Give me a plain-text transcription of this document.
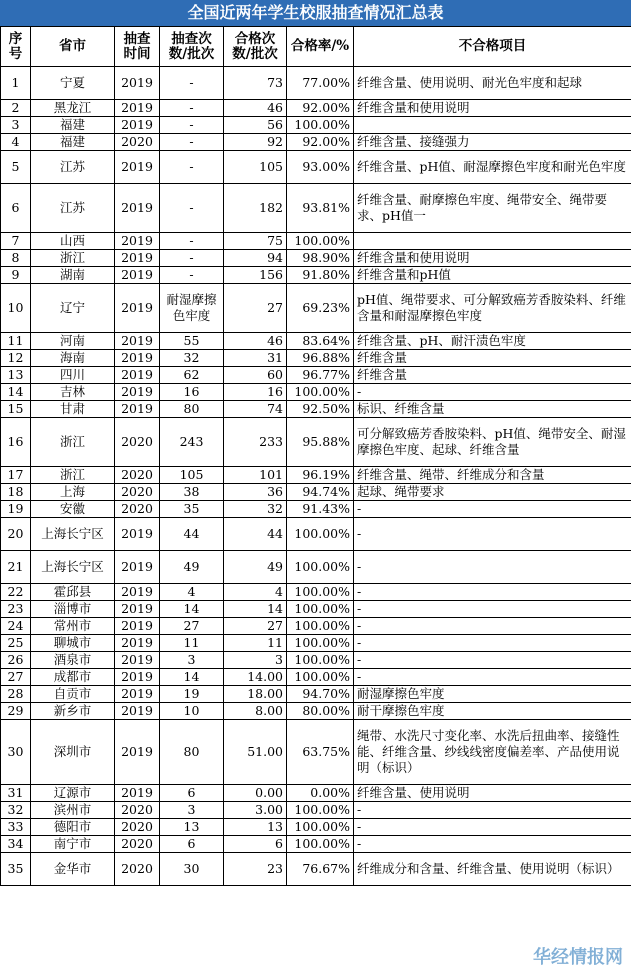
全国近两年学生校服抽查情况汇总表
序号	省市	抽查时间	抽查次数/批次	合格次数/批次	合格率/%	不合格项目
1	宁夏	2019	-	73	77.00%	纤维含量、使用说明、耐光色牢度和起球
2	黑龙江	2019	-	46	92.00%	纤维含量和使用说明
3	福建	2019	-	56	100.00%	
4	福建	2020	-	92	92.00%	纤维含量、接缝强力
5	江苏	2019	-	105	93.00%	纤维含量、pH值、耐湿摩擦色牢度和耐光色牢度
6	江苏	2019	-	182	93.81%	纤维含量、耐摩擦色牢度、绳带安全、绳带要求、pH值一
7	山西	2019	-	75	100.00%	
8	浙江	2019	-	94	98.90%	纤维含量和使用说明
9	湖南	2019	-	156	91.80%	纤维含量和pH值
10	辽宁	2019	耐湿摩擦色牢度	27	69.23%	pH值、绳带要求、可分解致癌芳香胺染料、纤维含量和耐湿摩擦色牢度
11	河南	2019	55	46	83.64%	纤维含量、pH、耐汗渍色牢度
12	海南	2019	32	31	96.88%	纤维含量
13	四川	2019	62	60	96.77%	纤维含量
14	吉林	2019	16	16	100.00%	-
15	甘肃	2019	80	74	92.50%	标识、纤维含量
16	浙江	2020	243	233	95.88%	可分解致癌芳香胺染料、pH值、绳带安全、耐湿摩擦色牢度、起球、纤维含量
17	浙江	2020	105	101	96.19%	纤维含量、绳带、纤维成分和含量
18	上海	2020	38	36	94.74%	起球、绳带要求
19	安徽	2020	35	32	91.43%	-
20	上海长宁区	2019	44	44	100.00%	-
21	上海长宁区	2019	49	49	100.00%	-
22	霍邱县	2019	4	4	100.00%	-
23	淄博市	2019	14	14	100.00%	-
24	常州市	2019	27	27	100.00%	-
25	聊城市	2019	11	11	100.00%	-
26	酒泉市	2019	3	3	100.00%	-
27	成都市	2019	14	14.00	100.00%	-
28	自贡市	2019	19	18.00	94.70%	耐湿摩擦色牢度
29	新乡市	2019	10	8.00	80.00%	耐干摩擦色牢度
30	深圳市	2019	80	51.00	63.75%	绳带、水洗尺寸变化率、水洗后扭曲率、接缝性能、纤维含量、纱线线密度偏差率、产品使用说明（标识）
31	辽源市	2019	6	0.00	0.00%	纤维含量、使用说明
32	滨州市	2020	3	3.00	100.00%	-
33	德阳市	2020	13	13	100.00%	-
34	南宁市	2020	6	6	100.00%	-
35	金华市	2020	30	23	76.67%	纤维成分和含量、纤维含量、使用说明（标识）
华经情报网
